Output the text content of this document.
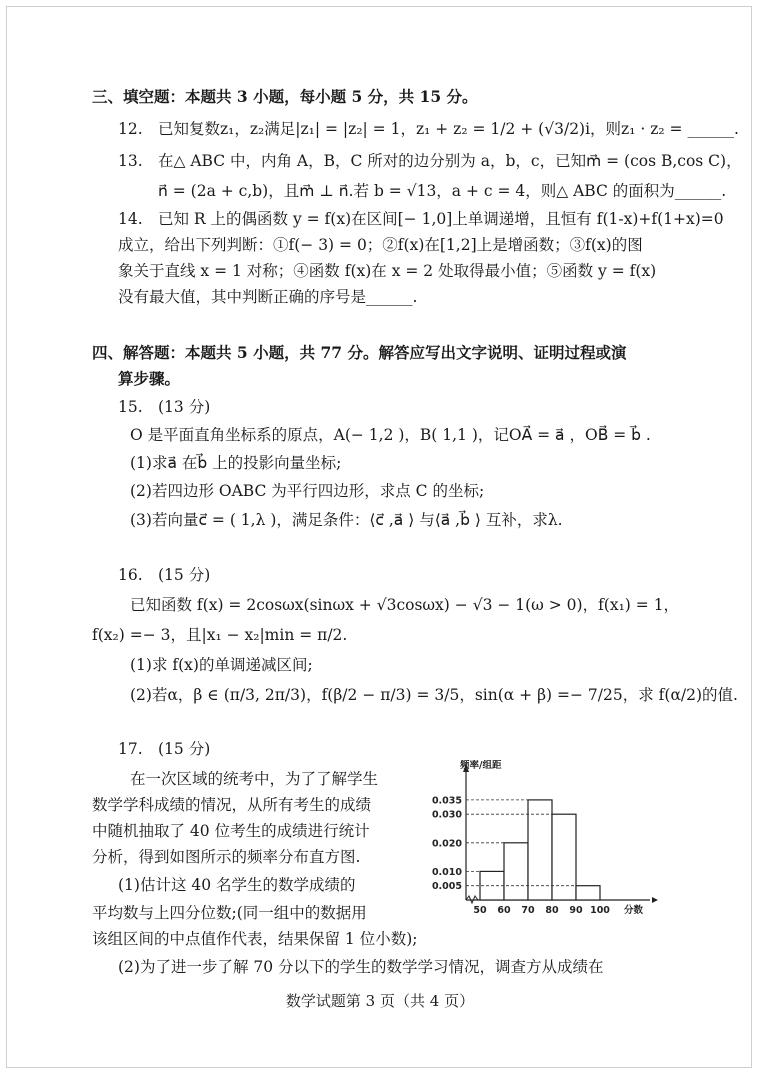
三、填空题：本题共 3 小题，每小题 5 分，共 15 分。
12. 已知复数z₁，z₂满足|z₁| = |z₂| = 1，z₁ + z₂ = 1/2 + (√3/2)i，则z₁ · z₂ = ______.
13. 在△ ABC 中，内角 A，B，C 所对的边分别为 a，b，c，已知m⃗ = (cos B,cos C)，
n⃗ = (2a + c,b)，且m⃗ ⊥ n⃗.若 b = √13，a + c = 4，则△ ABC 的面积为______.
14. 已知 R 上的偶函数 y = f(x)在区间[− 1,0]上单调递增，且恒有 f(1-x)+f(1+x)=0
成立，给出下列判断：①f(− 3) = 0；②f(x)在[1,2]上是增函数；③f(x)的图
象关于直线 x = 1 对称；④函数 f(x)在 x = 2 处取得最小值；⑤函数 y = f(x)
没有最大值，其中判断正确的序号是______.
四、解答题：本题共 5 小题，共 77 分。解答应写出文字说明、证明过程或演
算步骤。
15. (13 分)
O 是平面直角坐标系的原点，A(− 1,2 )，B( 1,1 )，记OA⃗ = a⃗ ，OB⃗ = b⃗ .
(1)求a⃗ 在b⃗ 上的投影向量坐标;
(2)若四边形 OABC 为平行四边形，求点 C 的坐标;
(3)若向量c⃗ = ( 1,λ )，满足条件：⟨c⃗ ,a⃗ ⟩ 与⟨a⃗ ,b⃗ ⟩ 互补，求λ.
16. (15 分)
已知函数 f(x) = 2cosωx(sinωx + √3cosωx) − √3 − 1(ω > 0)，f(x₁) = 1，
f(x₂) =− 3，且|x₁ − x₂|min = π/2.
(1)求 f(x)的单调递减区间;
(2)若α，β ∈ (π/3, 2π/3)，f(β/2 − π/3) = 3/5，sin(α + β) =− 7/25，求 f(α/2)的值.
17. (15 分)
在一次区域的统考中，为了了解学生
数学学科成绩的情况，从所有考生的成绩
中随机抽取了 40 位考生的成绩进行统计
分析，得到如图所示的频率分布直方图.
(1)估计这 40 名学生的数学成绩的
平均数与上四分位数;(同一组中的数据用
该组区间的中点值作代表，结果保留 1 位小数);
(2)为了进一步了解 70 分以下的学生的数学学习情况，调查方从成绩在
频率/组距
0.005
0.010
0.020
0.030
0.035
50 60 70 80 90 100 分数
数学试题第 3 页（共 4 页）
